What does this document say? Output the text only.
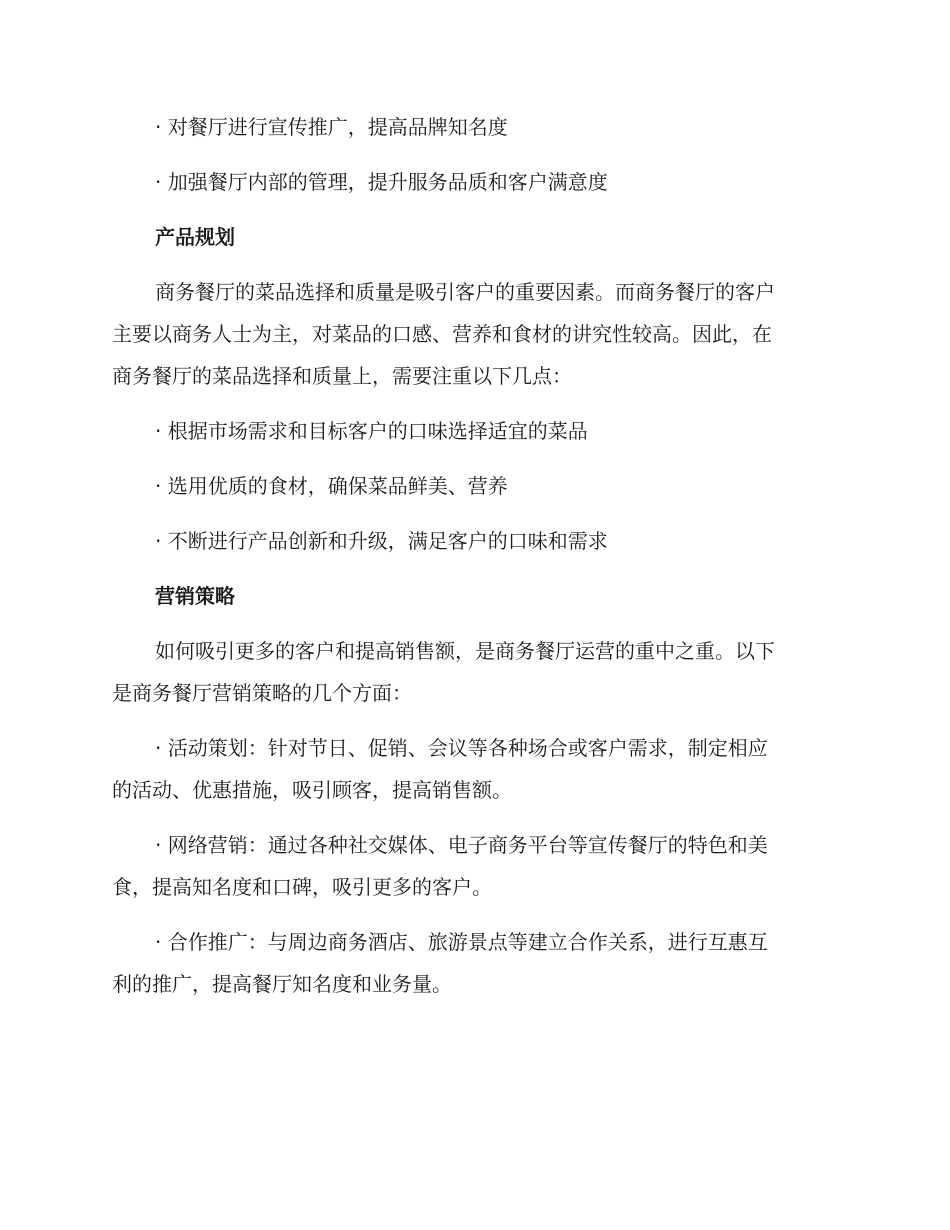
· 对餐厅进行宣传推广，提高品牌知名度
· 加强餐厅内部的管理，提升服务品质和客户满意度
产品规划
商务餐厅的菜品选择和质量是吸引客户的重要因素。而商务餐厅的客户
主要以商务人士为主，对菜品的口感、营养和食材的讲究性较高。因此，在
商务餐厅的菜品选择和质量上，需要注重以下几点：
· 根据市场需求和目标客户的口味选择适宜的菜品
· 选用优质的食材，确保菜品鲜美、营养
· 不断进行产品创新和升级，满足客户的口味和需求
营销策略
如何吸引更多的客户和提高销售额，是商务餐厅运营的重中之重。以下
是商务餐厅营销策略的几个方面：
· 活动策划：针对节日、促销、会议等各种场合或客户需求，制定相应
的活动、优惠措施，吸引顾客，提高销售额。
· 网络营销：通过各种社交媒体、电子商务平台等宣传餐厅的特色和美
食，提高知名度和口碑，吸引更多的客户。
· 合作推广：与周边商务酒店、旅游景点等建立合作关系，进行互惠互
利的推广，提高餐厅知名度和业务量。
